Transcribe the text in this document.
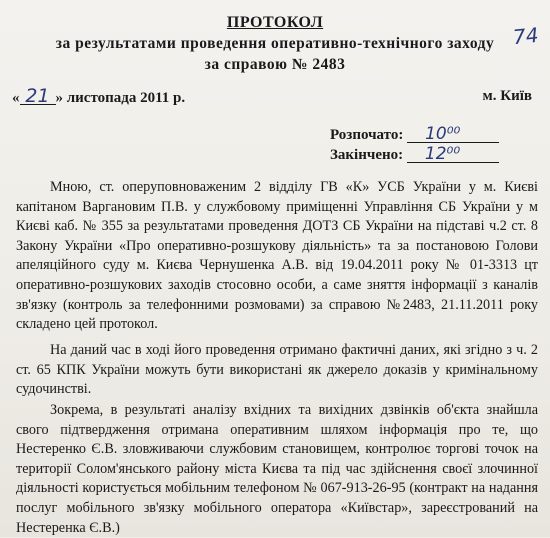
ПРОТОКОЛ
за результатами проведення оперативно-технічного заходу
за справою № 2483
74
« 21 » листопада 2011 р.	м. Київ
Розпочато: 10⁰⁰
Закінчено: 12⁰⁰

Мною, ст. оперуповноваженим 2 відділу ГВ «К» УСБ України у м. Києві капітаном Варгановим П.В. у службовому приміщенні Управління СБ України у м Києві каб. № 355 за результатами проведення ДОТЗ СБ України на підставі ч.2 ст. 8 Закону України «Про оперативно-розшукову діяльність» та за постановою Голови апеляційного суду м. Києва Чернушенка А.В. від 19.04.2011 року № 01-3313 цт оперативно-розшукових заходів стосовно особи, а саме зняття інформації з каналів зв'язку (контроль за телефонними розмовами) за справою №2483, 21.11.2011 року складено цей протокол.

На даний час в ході його проведення отримано фактичні даних, які згідно з ч. 2 ст. 65 КПК України можуть бути використані як джерело доказів у кримінальному судочинстві.

Зокрема, в результаті аналізу вхідних та вихідних дзвінків об'єкта знайшла свого підтвердження отримана оперативним шляхом інформація про те, що Нестеренко Є.В. зловживаючи службовим становищем, контролює торгові точок на території Солом'янського району міста Києва та під час здійснення своєї злочинної діяльності користується мобільним телефоном № 067-913-26-95 (контракт на надання послуг мобільного зв'язку мобільного оператора «Київстар», зареєстрований на Нестеренка Є.В.)
